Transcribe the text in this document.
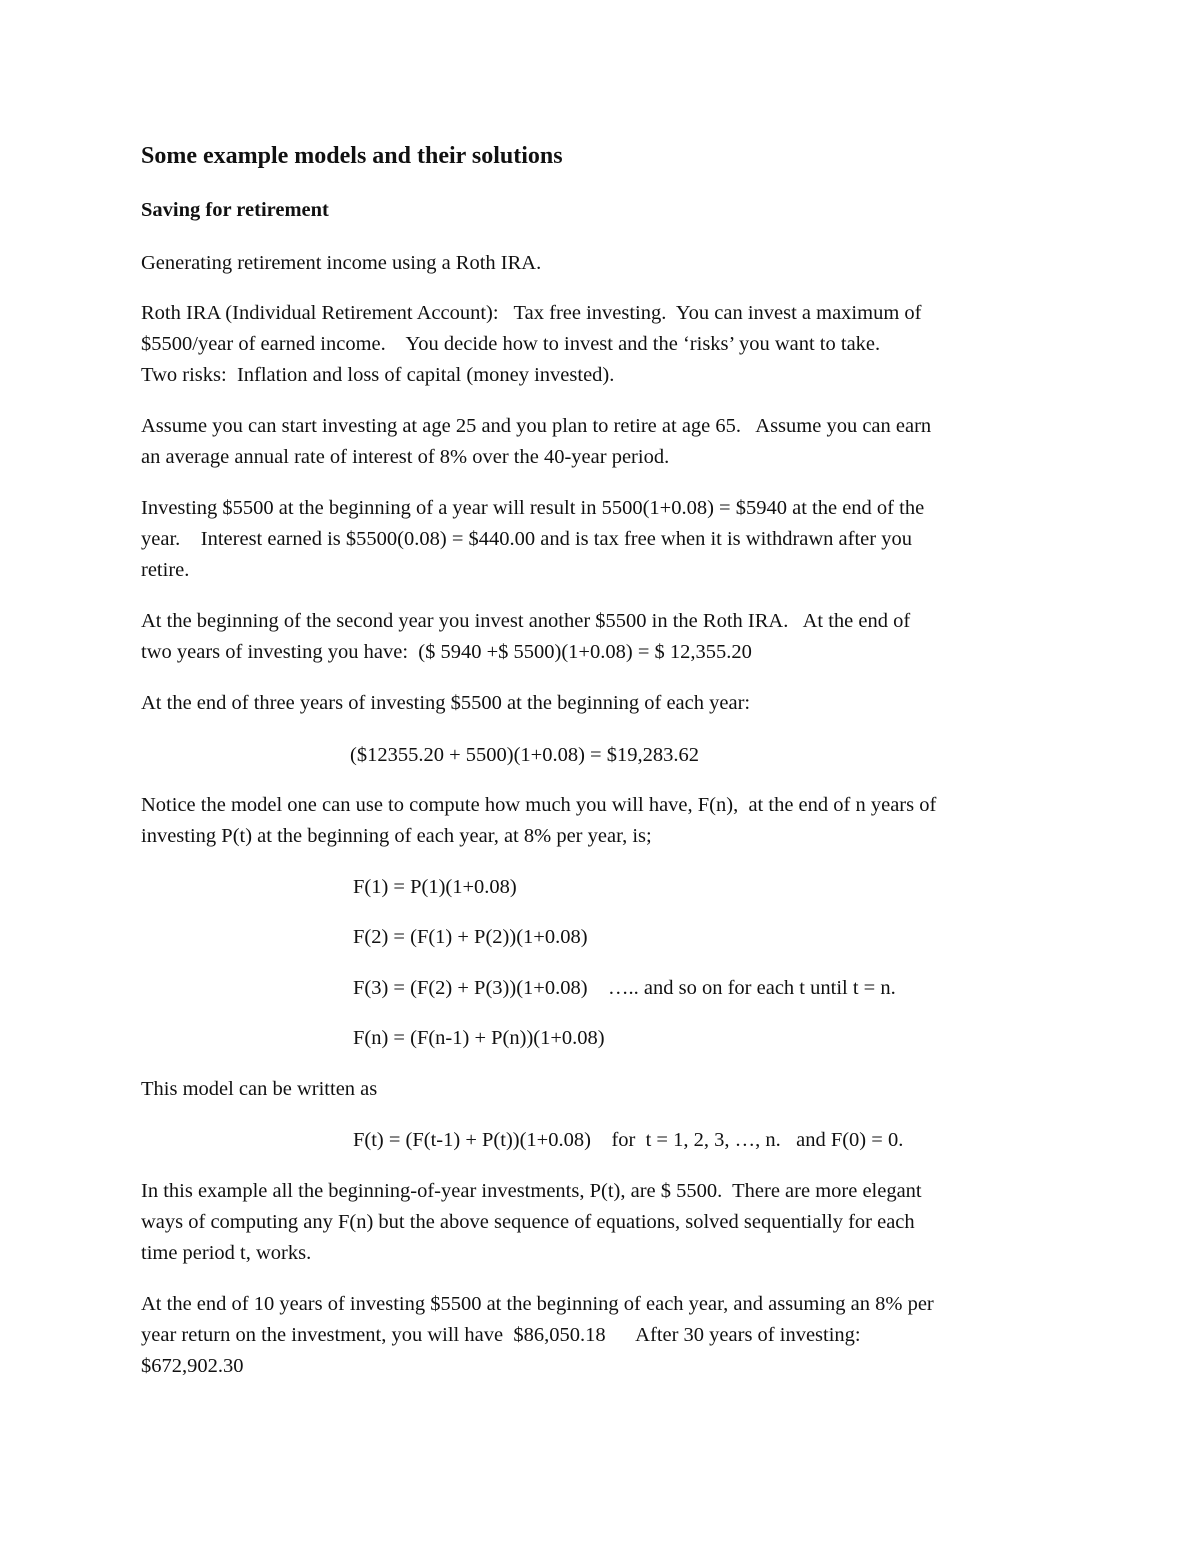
Some example models and their solutions
Saving for retirement
Generating retirement income using a Roth IRA.
Roth IRA (Individual Retirement Account):   Tax free investing.  You can invest a maximum of
$5500/year of earned income.    You decide how to invest and the ‘risks’ you want to take.
Two risks:  Inflation and loss of capital (money invested).
Assume you can start investing at age 25 and you plan to retire at age 65.   Assume you can earn
an average annual rate of interest of 8% over the 40-year period.
Investing $5500 at the beginning of a year will result in 5500(1+0.08) = $5940 at the end of the
year.    Interest earned is $5500(0.08) = $440.00 and is tax free when it is withdrawn after you
retire.
At the beginning of the second year you invest another $5500 in the Roth IRA.   At the end of
two years of investing you have:  ($ 5940 +$ 5500)(1+0.08) = $ 12,355.20
At the end of three years of investing $5500 at the beginning of each year:
($12355.20 + 5500)(1+0.08) = $19,283.62
Notice the model one can use to compute how much you will have, F(n),  at the end of n years of
investing P(t) at the beginning of each year, at 8% per year, is;
F(1) = P(1)(1+0.08)
F(2) = (F(1) + P(2))(1+0.08)
F(3) = (F(2) + P(3))(1+0.08)    ….. and so on for each t until t = n.
F(n) = (F(n-1) + P(n))(1+0.08)
This model can be written as
F(t) = (F(t-1) + P(t))(1+0.08)    for  t = 1, 2, 3, …, n.   and F(0) = 0.
In this example all the beginning-of-year investments, P(t), are $ 5500.  There are more elegant
ways of computing any F(n) but the above sequence of equations, solved sequentially for each
time period t, works.
At the end of 10 years of investing $5500 at the beginning of each year, and assuming an 8% per
year return on the investment, you will have  $86,050.18      After 30 years of investing:
$672,902.30
